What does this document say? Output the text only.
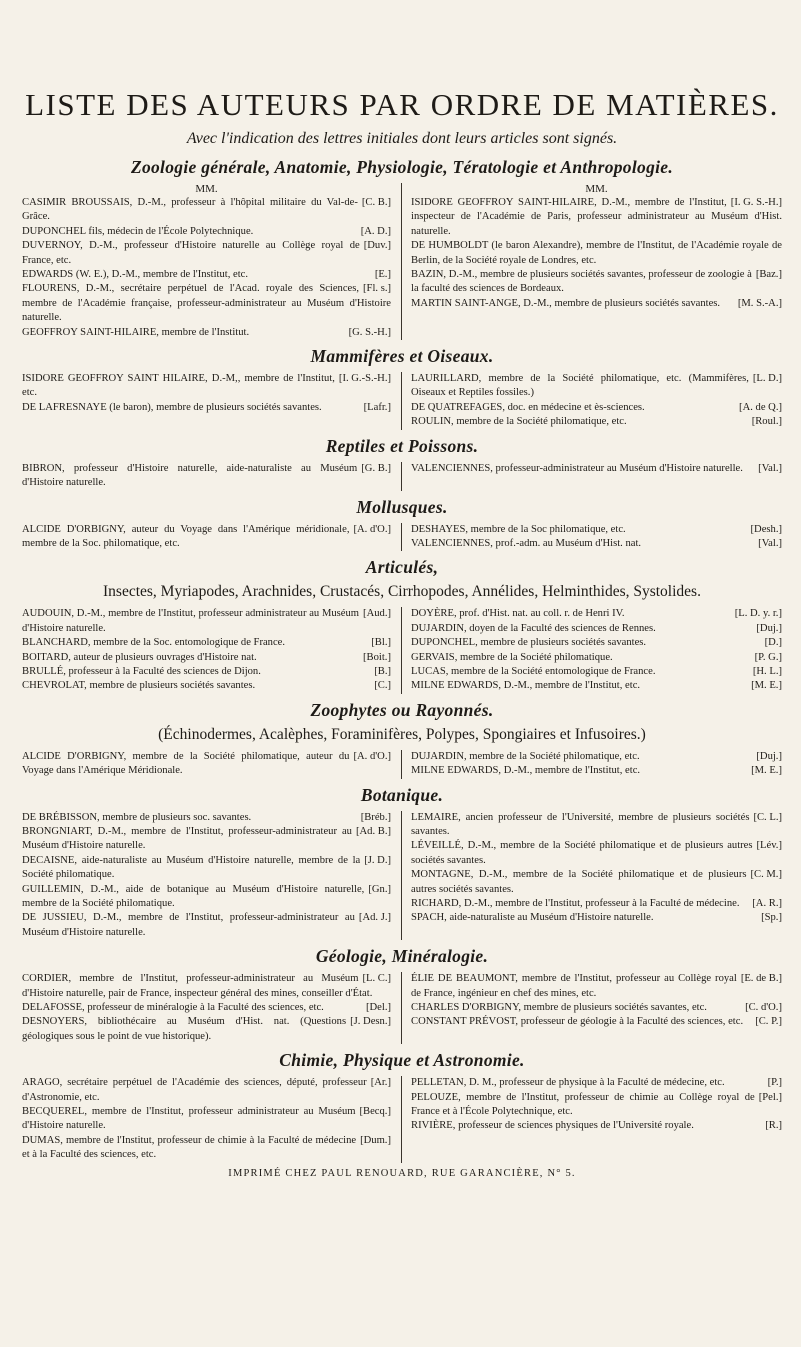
LISTE DES AUTEURS PAR ORDRE DE MATIÈRES.
Avec l'indication des lettres initiales dont leurs articles sont signés.
Zoologie générale, Anatomie, Physiologie, Tératologie et Anthropologie.
MM.

[C. B.]
CASIMIR BROUSSAIS, D.-M., professeur à l'hôpital militaire du Val-de-Grâce.

[A. D.]
DUPONCHEL fils, médecin de l'École Polytechnique.

[Duv.]
DUVERNOY, D.-M., professeur d'Histoire naturelle au Collège royal de France, etc.

[E.]
EDWARDS (W. E.), D.-M., membre de l'Institut, etc.

[Fl. s.]
FLOURENS, D.-M., secrétaire perpétuel de l'Acad. royale des Sciences, membre de l'Académie française, professeur-administrateur au Muséum d'Histoire naturelle.

[G. S.-H.]
GEOFFROY SAINT-HILAIRE, membre de l'Institut.

MM.

[I. G. S.-H.]
ISIDORE GEOFFROY SAINT-HILAIRE, D.-M., membre de l'Institut, inspecteur de l'Académie de Paris, professeur administrateur au Muséum d'Hist. naturelle.

DE HUMBOLDT (le baron Alexandre), membre de l'Institut, de l'Académie royale de Berlin, de la Société royale de Londres, etc.

[Baz.]
BAZIN, D.-M., membre de plusieurs sociétés savantes, professeur de zoologie à la faculté des sciences de Bordeaux.

[M. S.-A.]
MARTIN SAINT-ANGE, D.-M., membre de plusieurs sociétés savantes.

Mammifères et Oiseaux.

[I. G.-S.-H.]
ISIDORE GEOFFROY SAINT HILAIRE, D.-M,, membre de l'Institut, etc.

[Lafr.]
DE LAFRESNAYE (le baron), membre de plusieurs sociétés savantes.

[L. D.]
LAURILLARD, membre de la Société philomatique, etc. (Mammifères, Oiseaux et Reptiles fossiles.)

[A. de Q.]
DE QUATREFAGES, doc. en médecine et ès-sciences.

[Roul.]
ROULIN, membre de la Société philomatique, etc.

Reptiles et Poissons.

[G. B.]
BIBRON, professeur d'Histoire naturelle, aide-naturaliste au Muséum d'Histoire naturelle.

[Val.]
VALENCIENNES, professeur-administrateur au Muséum d'Histoire naturelle.

Mollusques.

[A. d'O.]
ALCIDE D'ORBIGNY, auteur du Voyage dans l'Amérique méridionale, membre de la Soc. philomatique, etc.

[Desh.]
DESHAYES, membre de la Soc philomatique, etc.

[Val.]
VALENCIENNES, prof.-adm. au Muséum d'Hist. nat.

Articulés,
Insectes, Myriapodes, Arachnides, Crustacés, Cirrhopodes, Annélides, Helminthides, Systolides.

[Aud.]
AUDOUIN, D.-M., membre de l'Institut, professeur administrateur au Muséum d'Histoire naturelle.

[Bl.]
BLANCHARD, membre de la Soc. entomologique de France.

[Boit.]
BOITARD, auteur de plusieurs ouvrages d'Histoire nat.

[B.]
BRULLÉ, professeur à la Faculté des sciences de Dijon.

[C.]
CHEVROLAT, membre de plusieurs sociétés savantes.

[L. D. y. r.]
DOYÈRE, prof. d'Hist. nat. au coll. r. de Henri IV.

[Duj.]
DUJARDIN, doyen de la Faculté des sciences de Rennes.

[D.]
DUPONCHEL, membre de plusieurs sociétés savantes.

[P. G.]
GERVAIS, membre de la Société philomatique.

[H. L.]
LUCAS, membre de la Société entomologique de France.

[M. E.]
MILNE EDWARDS, D.-M., membre de l'Institut, etc.

Zoophytes ou Rayonnés.
(Échinodermes, Acalèphes, Foraminifères, Polypes, Spongiaires et Infusoires.)

[A. d'O.]
ALCIDE D'ORBIGNY, membre de la Société philomatique, auteur du Voyage dans l'Amérique Méridionale.

[Duj.]
DUJARDIN, membre de la Société philomatique, etc.

[M. E.]
MILNE EDWARDS, D.-M., membre de l'Institut, etc.

Botanique.

[Bréb.]
DE BRÉBISSON, membre de plusieurs soc. savantes.

[Ad. B.]
BRONGNIART, D.-M., membre de l'Institut, professeur-administrateur au Muséum d'Histoire naturelle.

[J. D.]
DECAISNE, aide-naturaliste au Muséum d'Histoire naturelle, membre de la Société philomatique.

[Gn.]
GUILLEMIN, D.-M., aide de botanique au Muséum d'Histoire naturelle, membre de la Société philomatique.

[Ad. J.]
DE JUSSIEU, D.-M., membre de l'Institut, professeur-administrateur au Muséum d'Histoire naturelle.

[C. L.]
LEMAIRE, ancien professeur de l'Université, membre de plusieurs sociétés savantes.

[Lév.]
LÉVEILLÉ, D.-M., membre de la Société philomatique et de plusieurs autres sociétés savantes.

[C. M.]
MONTAGNE, D.-M., membre de la Société philomatique et de plusieurs autres sociétés savantes.

[A. R.]
RICHARD, D.-M., membre de l'Institut, professeur à la Faculté de médecine.

[Sp.]
SPACH, aide-naturaliste au Muséum d'Histoire naturelle.

Géologie, Minéralogie.

[L. C.]
CORDIER, membre de l'Institut, professeur-administrateur au Muséum d'Histoire naturelle, pair de France, inspecteur général des mines, conseiller d'État.

[Del.]
DELAFOSSE, professeur de minéralogie à la Faculté des sciences, etc.

[J. Desn.]
DESNOYERS, bibliothécaire au Muséum d'Hist. nat. (Questions géologiques sous le point de vue historique).

[E. de B.]
ÉLIE DE BEAUMONT, membre de l'Institut, professeur au Collège royal de France, ingénieur en chef des mines, etc.

[C. d'O.]
CHARLES D'ORBIGNY, membre de plusieurs sociétés savantes, etc.

[C. P.]
CONSTANT PRÉVOST, professeur de géologie à la Faculté des sciences, etc.

Chimie, Physique et Astronomie.

[Ar.]
ARAGO, secrétaire perpétuel de l'Académie des sciences, député, professeur d'Astronomie, etc.

[Becq.]
BECQUEREL, membre de l'Institut, professeur administrateur au Muséum d'Histoire naturelle.

[Dum.]
DUMAS, membre de l'Institut, professeur de chimie à la Faculté de médecine et à la Faculté des sciences, etc.

[P.]
PELLETAN, D. M., professeur de physique à la Faculté de médecine, etc.

[Pel.]
PELOUZE, membre de l'Institut, professeur de chimie au Collège royal de France et à l'École Polytechnique, etc.

[R.]
RIVIÈRE, professeur de sciences physiques de l'Université royale.

IMPRIMÉ CHEZ PAUL RENOUARD, RUE GARANCIÈRE, N° 5.
